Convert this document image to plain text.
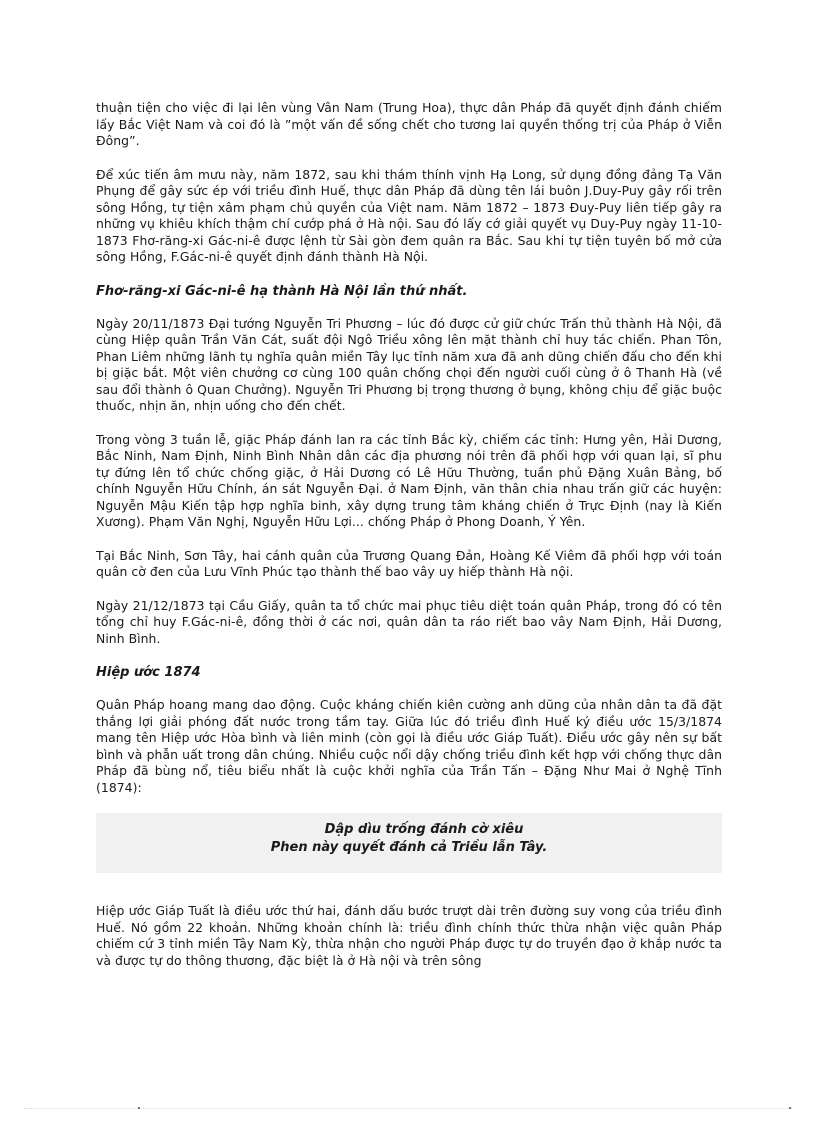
thuận tiện cho việc đi lại lên vùng Vân Nam (Trung Hoa), thực dân Pháp đã quyết định đánh chiếm lấy Bắc Việt Nam và coi đó là ”một vấn đề sống chết cho tương lai quyền thống trị của Pháp ở Viễn Đông”.

Để xúc tiến âm mưu này, năm 1872, sau khi thám thính vịnh Hạ Long, sử dụng đồng đảng Tạ Văn Phụng để gây sức ép với triều đình Huế, thực dân Pháp đã dùng tên lái buôn J.Duy-Puy gây rối trên sông Hồng, tự tiện xâm phạm chủ quyền của Việt nam. Năm 1872 – 1873 Đuy-Puy liên tiếp gây ra những vụ khiêu khích thậm chí cướp phá ở Hà nội. Sau đó lấy cớ giải quyết vụ Duy-Puy ngày 11-10-1873 Fhơ-răng-xi Gác-ni-ê được lệnh từ Sài gòn đem quân ra Bắc. Sau khi tự tiện tuyên bố mở cửa sông Hồng, F.Gác-ni-ê quyết định đánh thành Hà Nội.

Fhơ-răng-xi Gác-ni-ê hạ thành Hà Nội lần thứ nhất.

Ngày 20/11/1873 Đại tướng Nguyễn Tri Phương – lúc đó được cử giữ chức Trấn thủ thành Hà Nội, đã cùng Hiệp quân Trần Văn Cát, suất đội Ngô Triều xông lên mặt thành chỉ huy tác chiến. Phan Tôn, Phan Liêm những lãnh tụ nghĩa quân miền Tây lục tỉnh năm xưa đã anh dũng chiến đấu cho đến khi bị giặc bắt. Một viên chưởng cơ cùng 100 quân chống chọi đến người cuối cùng ở ô Thanh Hà (về sau đổi thành ô Quan Chưởng). Nguyễn Tri Phương bị trọng thương ở bụng, không chịu để giặc buộc thuốc, nhịn ăn, nhịn uống cho đến chết.

Trong vòng 3 tuần lễ, giặc Pháp đánh lan ra các tỉnh Bắc kỳ, chiếm các tỉnh: Hưng yên, Hải Dương, Bắc Ninh, Nam Định, Ninh Bình Nhân dân các địa phương nói trên đã phối hợp với quan lại, sĩ phu tự đứng lên tổ chức chống giặc, ở Hải Dương có Lê Hữu Thường, tuần phủ Đặng Xuân Bảng, bố chính Nguyễn Hữu Chính, án sát Nguyễn Đại. ở Nam Định, văn thân chia nhau trấn giữ các huyện: Nguyễn Mậu Kiến tập hợp nghĩa binh, xây dựng trung tâm kháng chiến ở Trực Định (nay là Kiến Xương). Phạm Văn Nghị, Nguyễn Hữu Lợi... chống Pháp ở Phong Doanh, Ý Yên.

Tại Bắc Ninh, Sơn Tây, hai cánh quân của Trương Quang Đản, Hoàng Kế Viêm đã phối hợp với toán quân cờ đen của Lưu Vĩnh Phúc tạo thành thế bao vây uy hiếp thành Hà nội.

Ngày 21/12/1873 tại Cầu Giấy, quân ta tổ chức mai phục tiêu diệt toán quân Pháp, trong đó có tên tổng chỉ huy F.Gác-ni-ê, đồng thời ở các nơi, quân dân ta ráo riết bao vây Nam Định, Hải Dương, Ninh Bình.

Hiệp ước 1874

Quân Pháp hoang mang dao động. Cuộc kháng chiến kiên cường anh dũng của nhân dân ta đã đặt thắng lợi giải phóng đất nước trong tầm tay. Giữa lúc đó triều đình Huế ký điều ước 15/3/1874 mang tên Hiệp ước Hòa bình và liên minh (còn gọi là điều ước Giáp Tuất). Điều ước gây nên sự bất bình và phẫn uất trong dân chúng. Nhiều cuộc nổi dậy chống triều đình kết hợp với chống thực dân Pháp đã bùng nổ, tiêu biểu nhất là cuộc khởi nghĩa của Trần Tấn – Đặng Như Mai ở Nghệ Tĩnh (1874):

Dập dìu trống đánh cờ xiêu
Phen này quyết đánh cả Triều lẫn Tây.

Hiệp ước Giáp Tuất là điều ước thứ hai, đánh dấu bước trượt dài trên đường suy vong của triều đình Huế. Nó gồm 22 khoản. Những khoản chính là: triều đình chính thức thừa nhận việc quân Pháp chiếm cứ 3 tỉnh miền Tây Nam Kỳ, thừa nhận cho người Pháp được tự do truyền đạo ở khắp nước ta và được tự do thông thương, đặc biệt là ở Hà nội và trên sông
